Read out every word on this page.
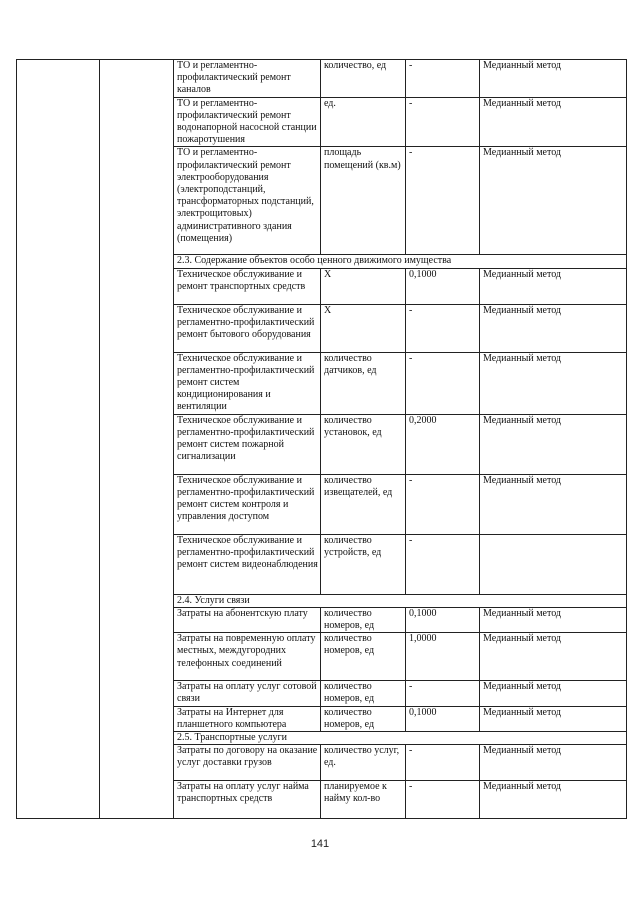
		ТО и регламентно-профилактический ремонт каналов	количество, ед	-	Медианный метод
		ТО и регламентно-профилактический ремонт водонапорной насосной станции пожаротушения	ед.	-	Медианный метод
		ТО и регламентно-профилактический ремонт электрооборудования (электроподстанций, трансформаторных подстанций, электрощитовых) административного здания (помещения)	площадь помещений (кв.м)	-	Медианный метод
		2.3. Содержание объектов особо ценного движимого имущества			
		Техническое обслуживание и ремонт транспортных средств	Х	0,1000	Медианный метод
		Техническое обслуживание и регламентно-профилактический ремонт бытового оборудования	Х	-	Медианный метод
		Техническое обслуживание и регламентно-профилактический ремонт систем кондиционирования и вентиляции	количество датчиков, ед	-	Медианный метод
		Техническое обслуживание и регламентно-профилактический ремонт систем пожарной сигнализации	количество установок, ед	0,2000	Медианный метод
		Техническое обслуживание и регламентно-профилактический ремонт систем контроля и управления доступом	количество извещателей, ед	-	Медианный метод
		Техническое обслуживание и регламентно-профилактический ремонт систем видеонаблюдения	количество устройств, ед	-	
		2.4. Услуги связи			
		Затраты на абонентскую плату	количество номеров, ед	0,1000	Медианный метод
		Затраты на повременную оплату местных, междугородних телефонных соединений	количество номеров, ед	1,0000	Медианный метод
		Затраты на оплату услуг сотовой связи	количество номеров, ед	-	Медианный метод
		Затраты на Интернет для планшетного компьютера	количество номеров, ед	0,1000	Медианный метод
		2.5. Транспортные услуги			
		Затраты по договору на оказание услуг доставки грузов	количество услуг, ед.	-	Медианный метод
		Затраты на оплату услуг найма транспортных средств	планируемое к найму кол-во	-	Медианный метод
141
